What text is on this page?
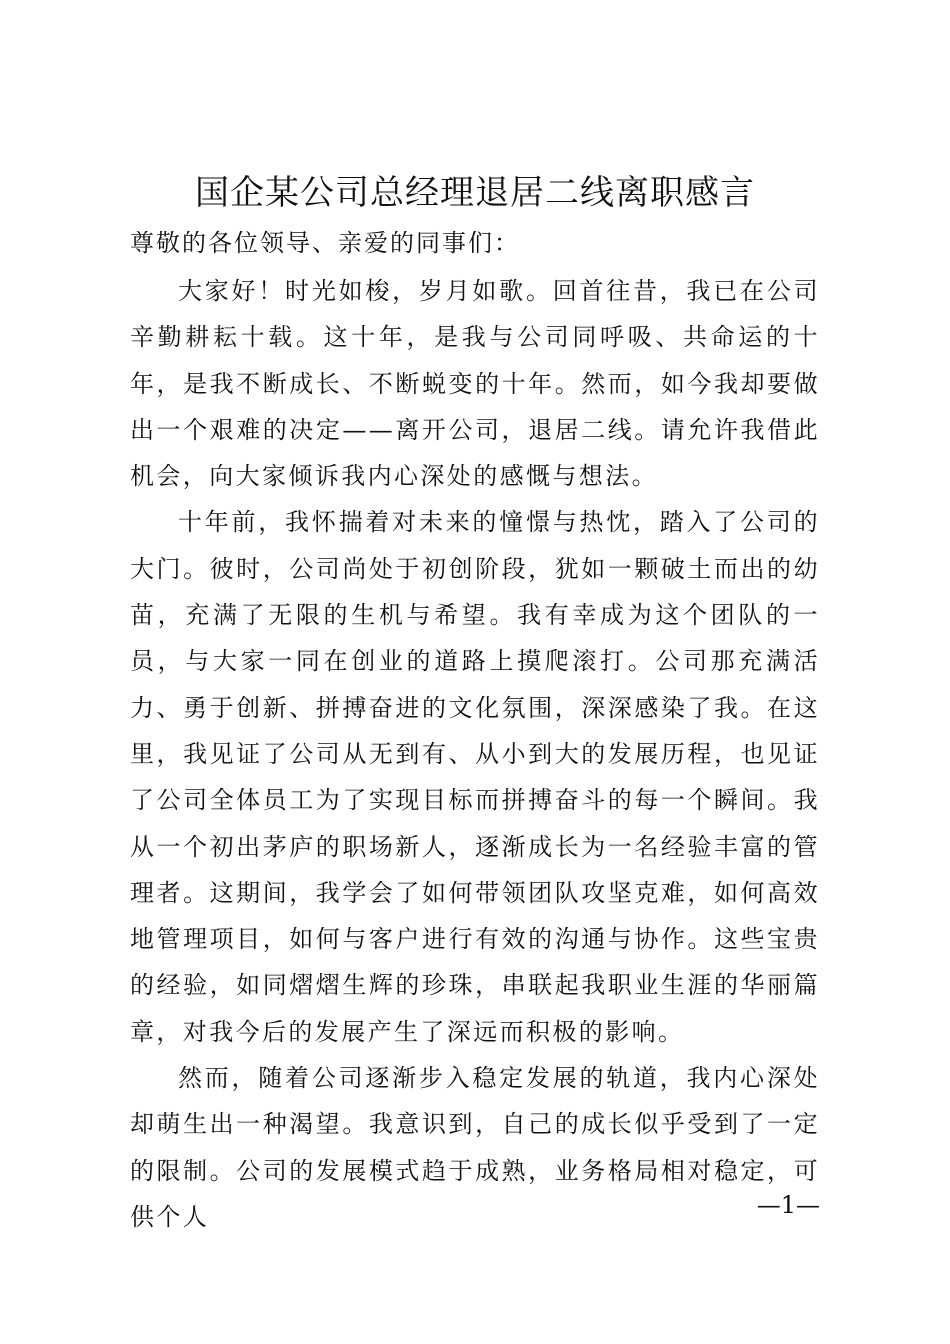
国企某公司总经理退居二线离职感言
尊敬的各位领导、亲爱的同事们：

大家好！时光如梭，岁月如歌。回首往昔，我已在公司辛勤耕耘十载。这十年，是我与公司同呼吸、共命运的十年，是我不断成长、不断蜕变的十年。然而，如今我却要做出一个艰难的决定——离开公司，退居二线。请允许我借此机会，向大家倾诉我内心深处的感慨与想法。

十年前，我怀揣着对未来的憧憬与热忱，踏入了公司的大门。彼时，公司尚处于初创阶段，犹如一颗破土而出的幼苗，充满了无限的生机与希望。我有幸成为这个团队的一员，与大家一同在创业的道路上摸爬滚打。公司那充满活力、勇于创新、拼搏奋进的文化氛围，深深感染了我。在这里，我见证了公司从无到有、从小到大的发展历程，也见证了公司全体员工为了实现目标而拼搏奋斗的每一个瞬间。我从一个初出茅庐的职场新人，逐渐成长为一名经验丰富的管理者。这期间，我学会了如何带领团队攻坚克难，如何高效地管理项目，如何与客户进行有效的沟通与协作。这些宝贵的经验，如同熠熠生辉的珍珠，串联起我职业生涯的华丽篇章，对我今后的发展产生了深远而积极的影响。

然而，随着公司逐渐步入稳定发展的轨道，我内心深处却萌生出一种渴望。我意识到，自己的成长似乎受到了一定的限制。公司的发展模式趋于成熟，业务格局相对稳定，可供个人	—1—
